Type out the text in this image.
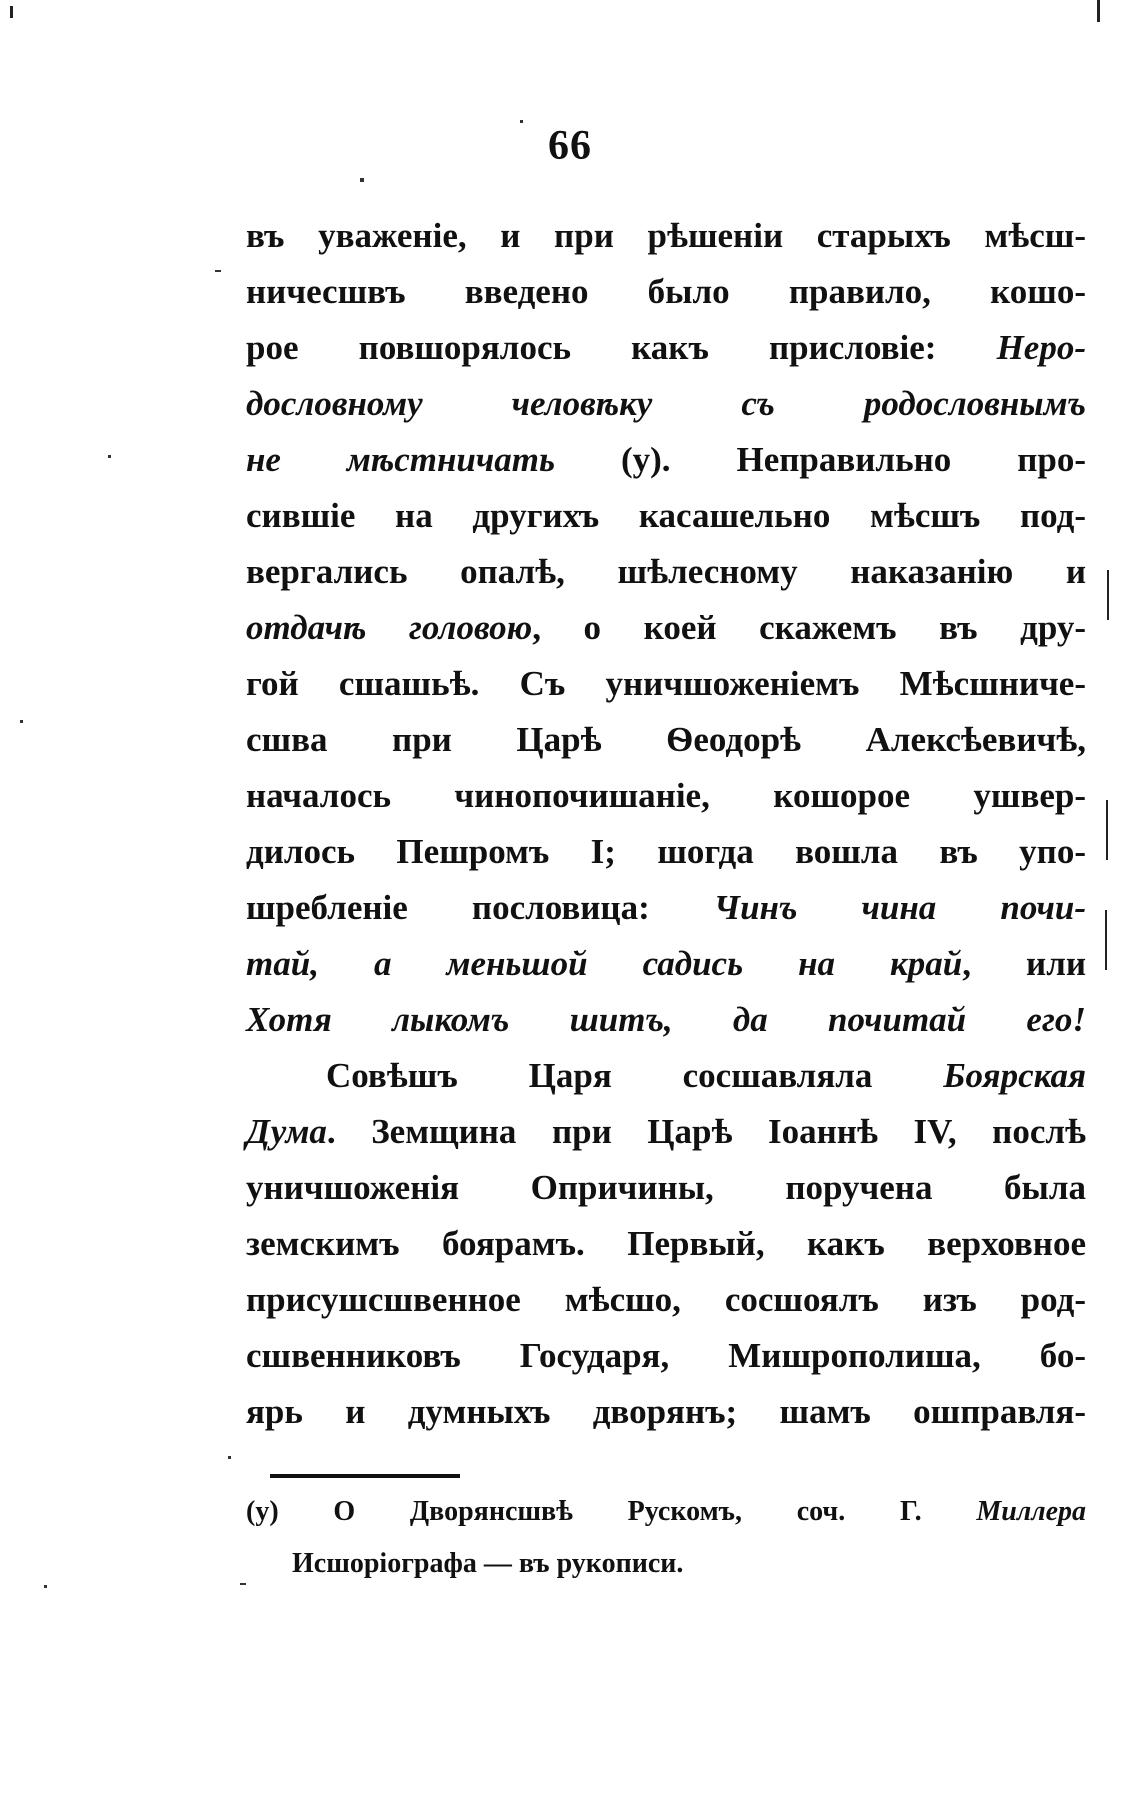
66
въ уваженіе, и при рѣшеніи старыхъ мѣсш-
ничесшвъ введено было правило, кошо-
рое повшорялось какъ присловіе: Неро-
дословному человѣку съ родословнымъ
не мѣстничать (у). Неправильно про-
сившіе на другихъ касашельно мѣсшъ под-
вергались опалѣ, шѣлесному наказанію и
отдачѣ головою, о коей скажемъ въ дру-
гой сшашьѣ. Съ уничшоженіемъ Мѣсшниче-
сшва при Царѣ Ѳеодорѣ Алексѣевичѣ,
началось чинопочишаніе, кошорое ушвер-
дилось Пешромъ I; шогда вошла въ упо-
шребленіе пословица: Чинъ чина почи-
тай, а меньшой садись на край, или
Хотя лыкомъ шитъ, да почитай его!
Совѣшъ Царя сосшавляла Боярская
Дума. Земщина при Царѣ Іоаннѣ IV, послѣ
уничшоженія Опричины, поручена была
земскимъ боярамъ. Первый, какъ верховное
присушсшвенное мѣсшо, сосшоялъ изъ род-
сшвенниковъ Государя, Мишрополиша, бо-
ярь и думныхъ дворянъ; шамъ ошправля-
(у) О Дворянсшвѣ Рускомъ, соч. Г. Миллера
Исшоріографа — въ рукописи.
